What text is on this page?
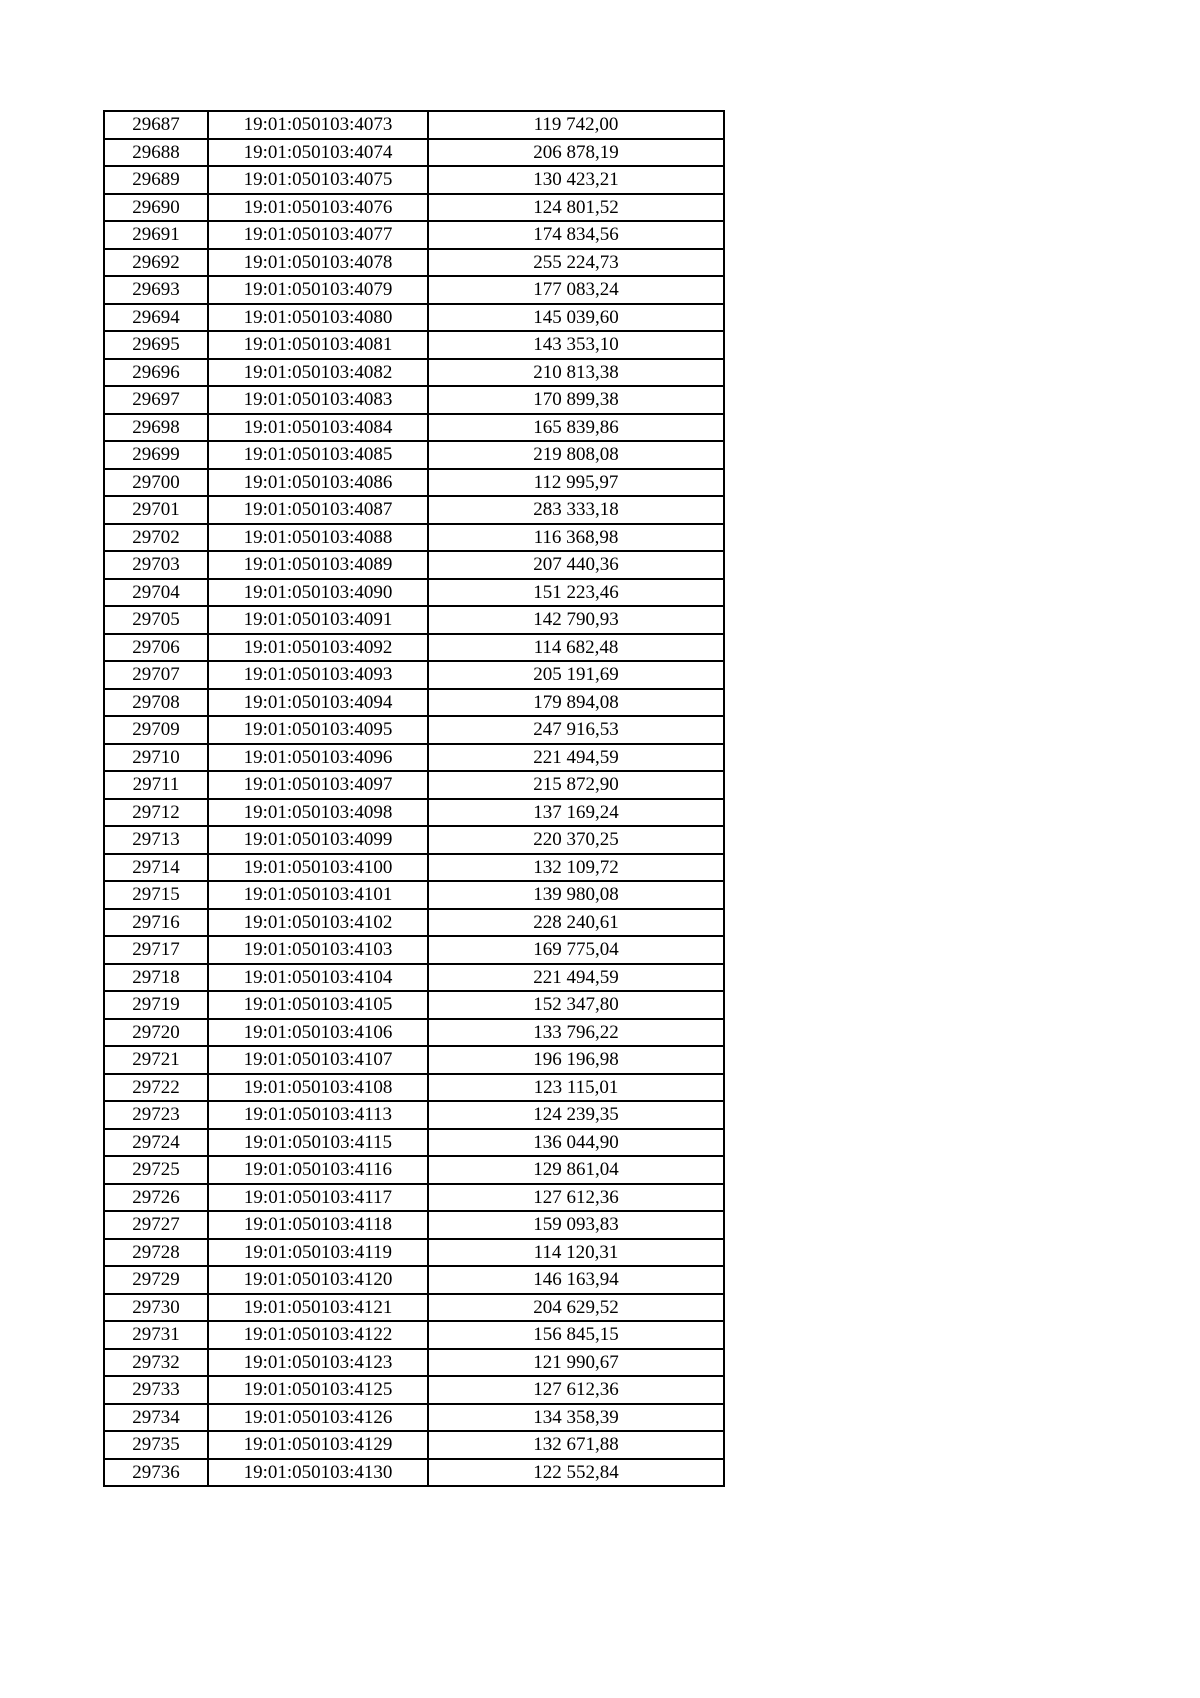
29687	19:01:050103:4073	119 742,00
29688	19:01:050103:4074	206 878,19
29689	19:01:050103:4075	130 423,21
29690	19:01:050103:4076	124 801,52
29691	19:01:050103:4077	174 834,56
29692	19:01:050103:4078	255 224,73
29693	19:01:050103:4079	177 083,24
29694	19:01:050103:4080	145 039,60
29695	19:01:050103:4081	143 353,10
29696	19:01:050103:4082	210 813,38
29697	19:01:050103:4083	170 899,38
29698	19:01:050103:4084	165 839,86
29699	19:01:050103:4085	219 808,08
29700	19:01:050103:4086	112 995,97
29701	19:01:050103:4087	283 333,18
29702	19:01:050103:4088	116 368,98
29703	19:01:050103:4089	207 440,36
29704	19:01:050103:4090	151 223,46
29705	19:01:050103:4091	142 790,93
29706	19:01:050103:4092	114 682,48
29707	19:01:050103:4093	205 191,69
29708	19:01:050103:4094	179 894,08
29709	19:01:050103:4095	247 916,53
29710	19:01:050103:4096	221 494,59
29711	19:01:050103:4097	215 872,90
29712	19:01:050103:4098	137 169,24
29713	19:01:050103:4099	220 370,25
29714	19:01:050103:4100	132 109,72
29715	19:01:050103:4101	139 980,08
29716	19:01:050103:4102	228 240,61
29717	19:01:050103:4103	169 775,04
29718	19:01:050103:4104	221 494,59
29719	19:01:050103:4105	152 347,80
29720	19:01:050103:4106	133 796,22
29721	19:01:050103:4107	196 196,98
29722	19:01:050103:4108	123 115,01
29723	19:01:050103:4113	124 239,35
29724	19:01:050103:4115	136 044,90
29725	19:01:050103:4116	129 861,04
29726	19:01:050103:4117	127 612,36
29727	19:01:050103:4118	159 093,83
29728	19:01:050103:4119	114 120,31
29729	19:01:050103:4120	146 163,94
29730	19:01:050103:4121	204 629,52
29731	19:01:050103:4122	156 845,15
29732	19:01:050103:4123	121 990,67
29733	19:01:050103:4125	127 612,36
29734	19:01:050103:4126	134 358,39
29735	19:01:050103:4129	132 671,88
29736	19:01:050103:4130	122 552,84
